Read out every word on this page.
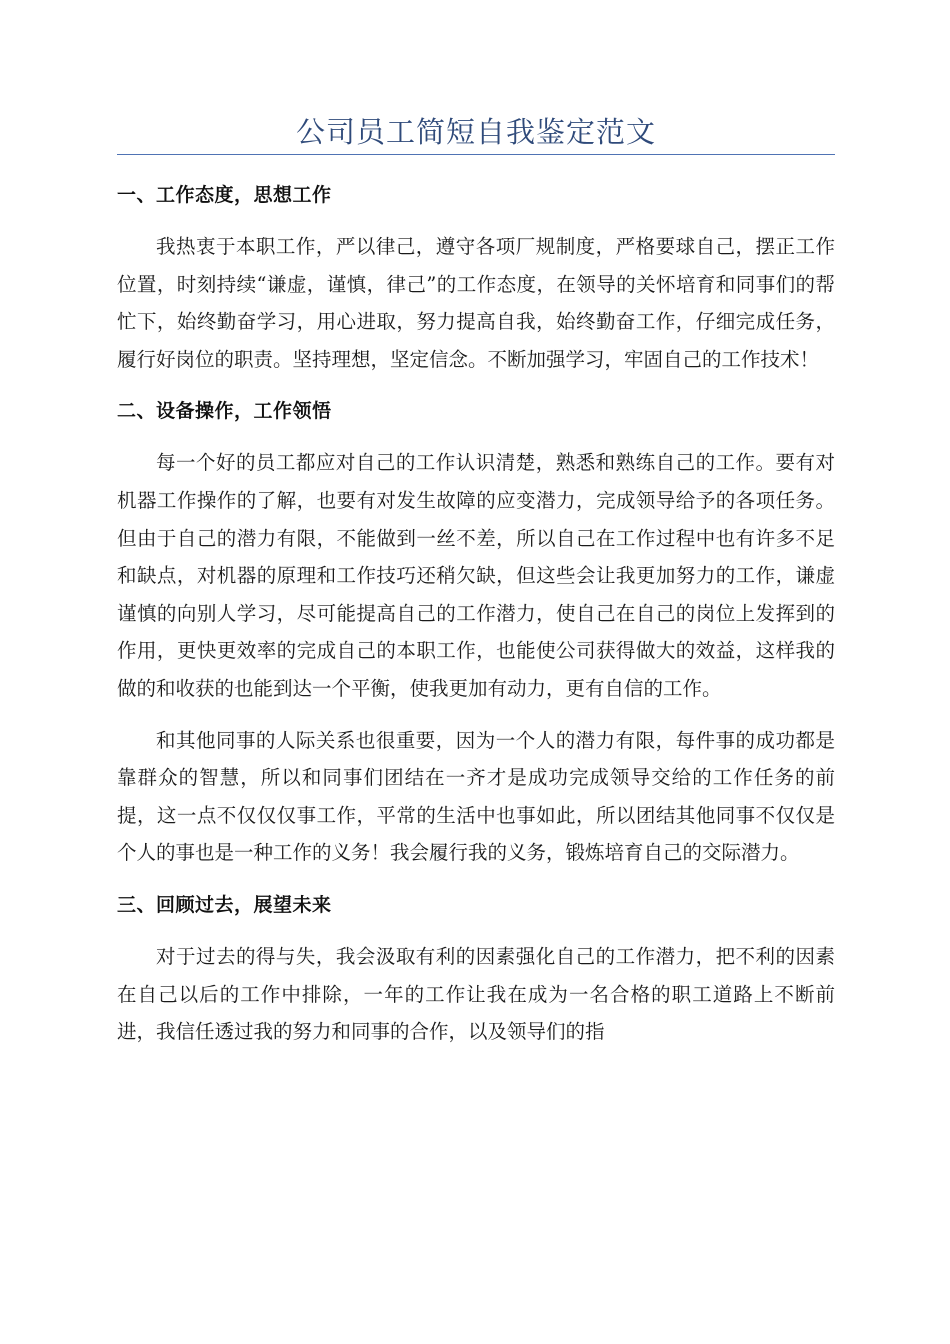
公司员工简短自我鉴定范文
一、工作态度，思想工作

我热衷于本职工作，严以律己，遵守各项厂规制度，严格要球自己，摆正工作位置，时刻持续“谦虚，谨慎，律己”的工作态度，在领导的关怀培育和同事们的帮忙下，始终勤奋学习，用心进取，努力提高自我，始终勤奋工作，仔细完成任务，履行好岗位的职责。坚持理想，坚定信念。不断加强学习，牢固自己的工作技术！

二、设备操作，工作领悟

每一个好的员工都应对自己的工作认识清楚，熟悉和熟练自己的工作。要有对机器工作操作的了解，也要有对发生故障的应变潜力，完成领导给予的各项任务。但由于自己的潜力有限，不能做到一丝不差，所以自己在工作过程中也有许多不足和缺点，对机器的原理和工作技巧还稍欠缺，但这些会让我更加努力的工作，谦虚谨慎的向别人学习，尽可能提高自己的工作潜力，使自己在自己的岗位上发挥到的作用，更快更效率的完成自己的本职工作，也能使公司获得做大的效益，这样我的做的和收获的也能到达一个平衡，使我更加有动力，更有自信的工作。

和其他同事的人际关系也很重要，因为一个人的潜力有限，每件事的成功都是靠群众的智慧，所以和同事们团结在一齐才是成功完成领导交给的工作任务的前提，这一点不仅仅仅事工作，平常的生活中也事如此，所以团结其他同事不仅仅是个人的事也是一种工作的义务！我会履行我的义务，锻炼培育自己的交际潜力。

三、回顾过去，展望未来

对于过去的得与失，我会汲取有利的因素强化自己的工作潜力，把不利的因素在自己以后的工作中排除，一年的工作让我在成为一名合格的职工道路上不断前进，我信任透过我的努力和同事的合作，以及领导们的指
